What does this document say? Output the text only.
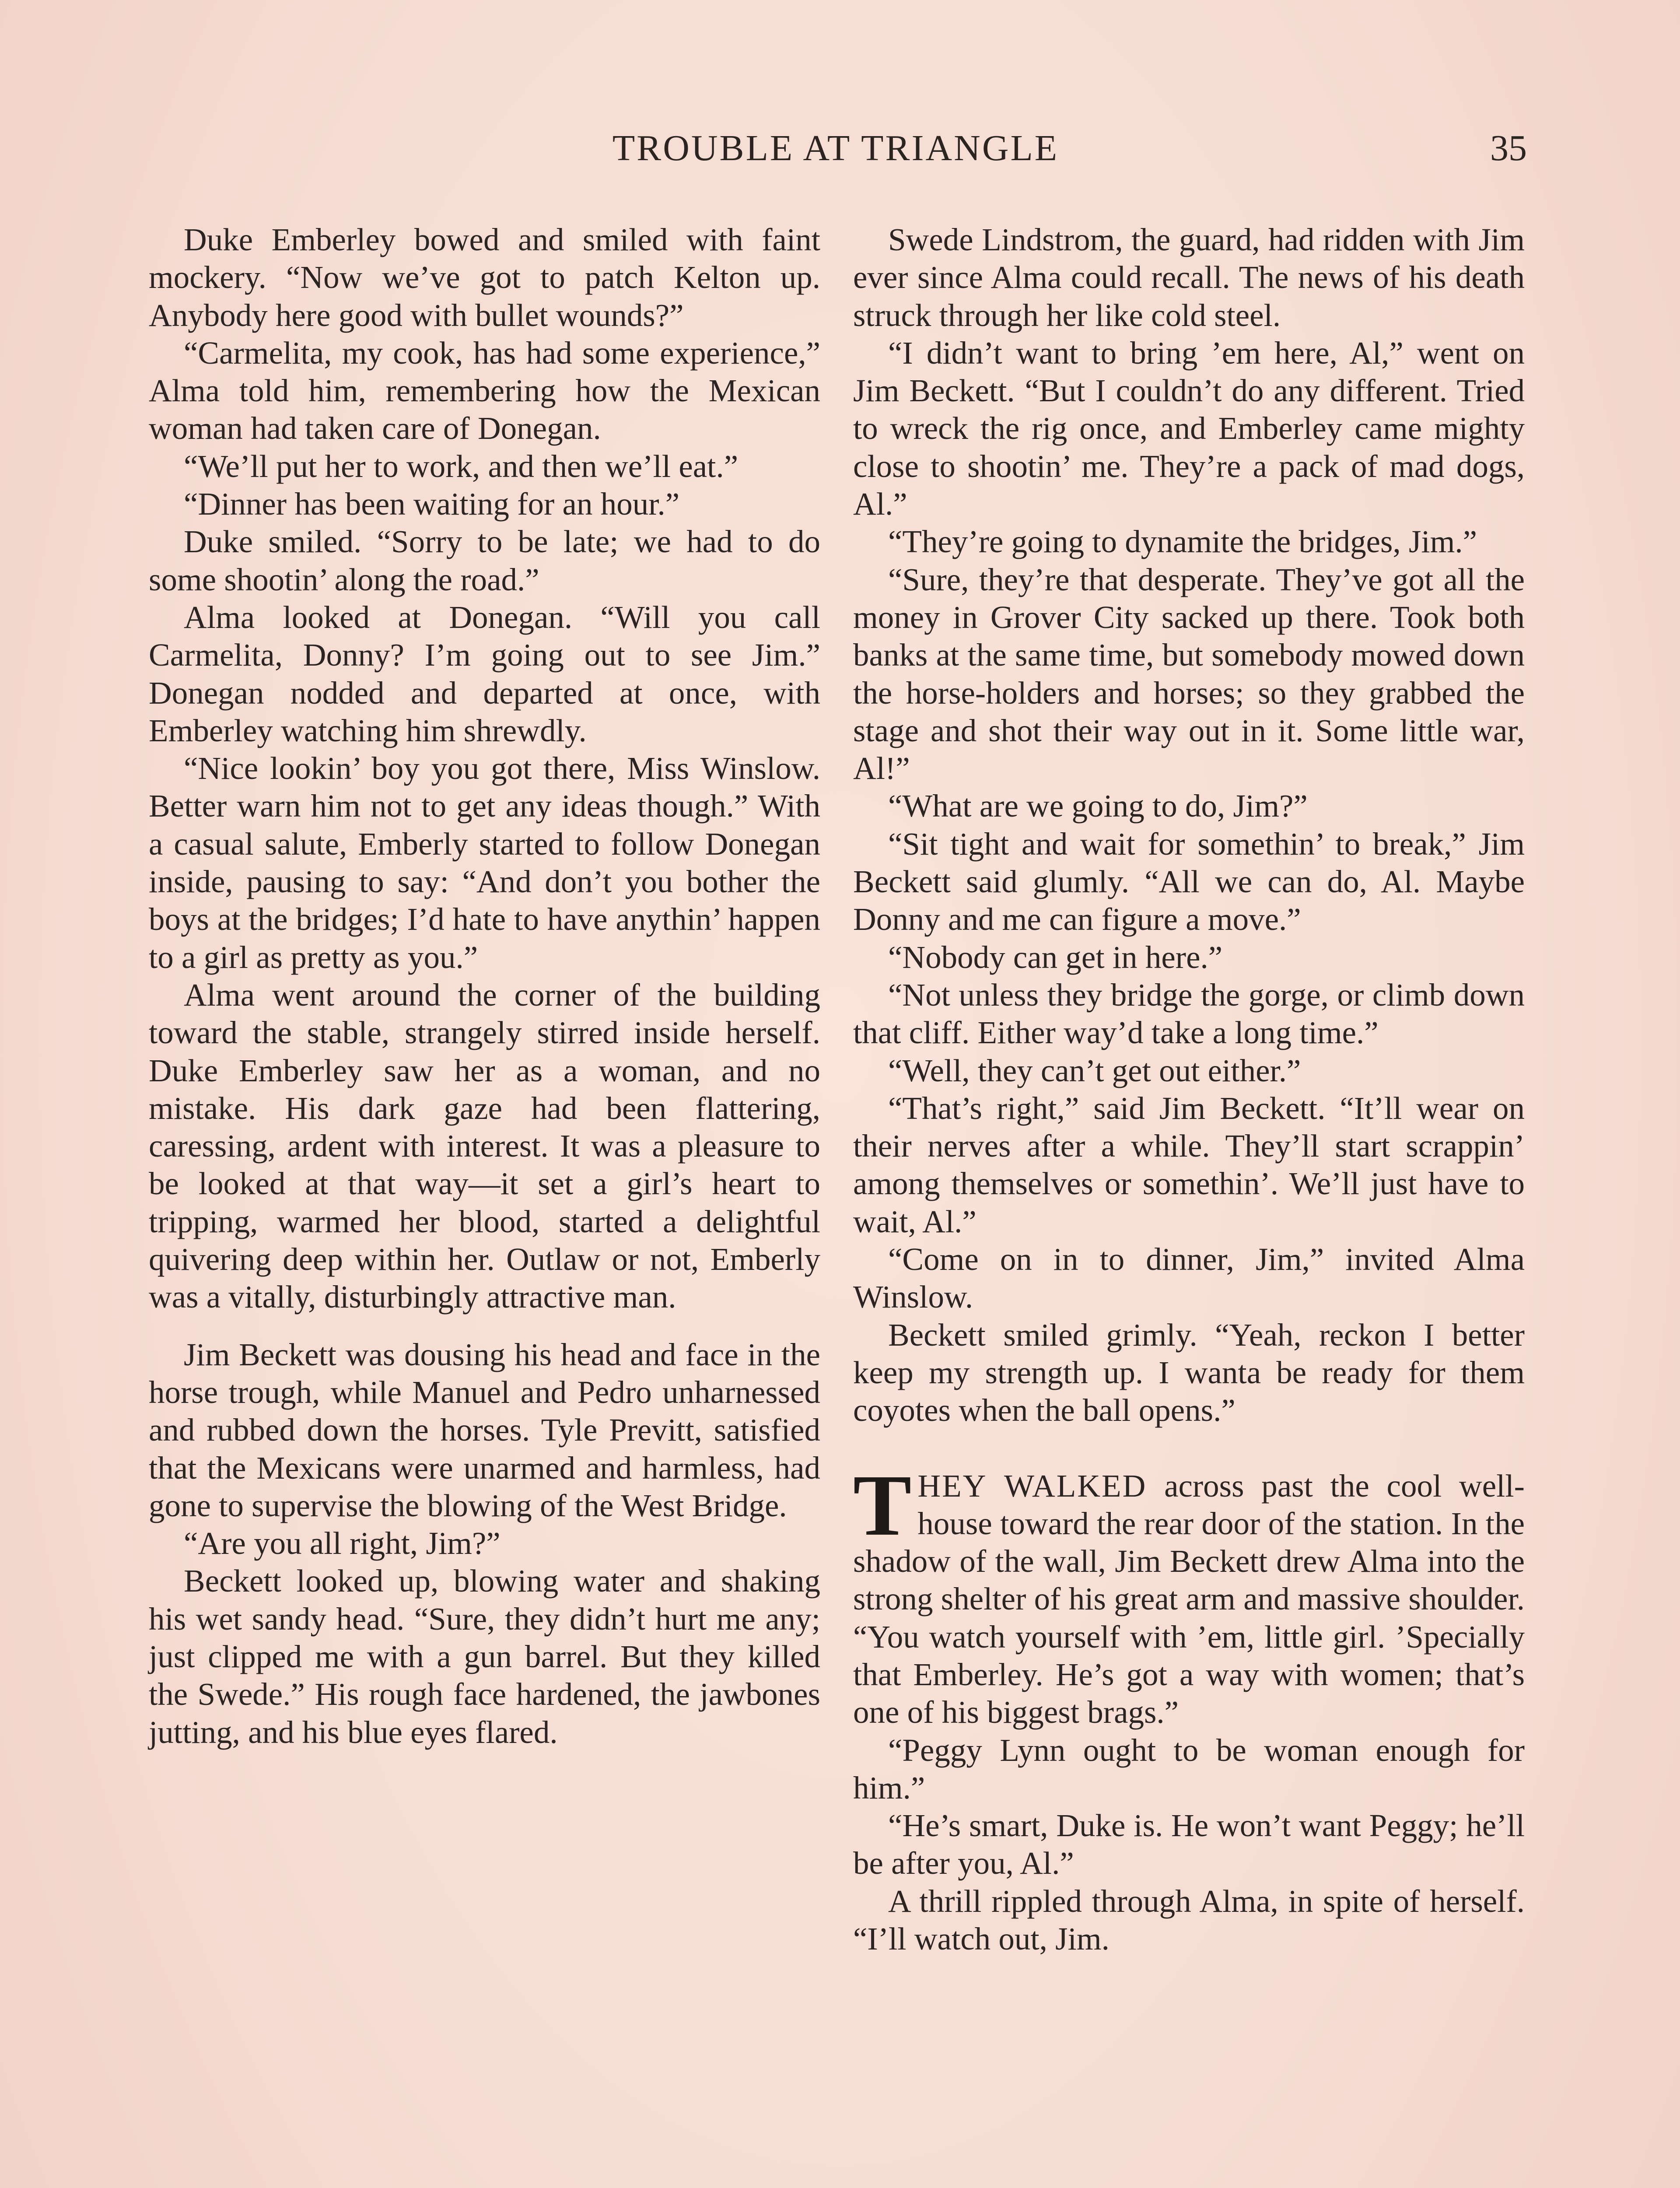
TROUBLE AT TRIANGLE	35

Duke Emberley bowed and smiled with faint mockery. “Now we’ve got to patch Kelton up. Anybody here good with bullet wounds?”

“Carmelita, my cook, has had some experience,” Alma told him, remembering how the Mexican woman had taken care of Donegan.

“We’ll put her to work, and then we’ll eat.”

“Dinner has been waiting for an hour.”

Duke smiled. “Sorry to be late; we had to do some shootin’ along the road.”

Alma looked at Donegan. “Will you call Carmelita, Donny? I’m going out to see Jim.” Donegan nodded and departed at once, with Emberley watching him shrewdly.

“Nice lookin’ boy you got there, Miss Winslow. Better warn him not to get any ideas though.” With a casual salute, Emberly started to follow Donegan inside, pausing to say: “And don’t you bother the boys at the bridges; I’d hate to have anythin’ happen to a girl as pretty as you.”

Alma went around the corner of the building toward the stable, strangely stirred inside herself. Duke Emberley saw her as a woman, and no mistake. His dark gaze had been flattering, caressing, ardent with interest. It was a pleasure to be looked at that way—it set a girl’s heart to tripping, warmed her blood, started a delightful quivering deep within her. Outlaw or not, Emberly was a vitally, disturbingly attractive man.

Jim Beckett was dousing his head and face in the horse trough, while Manuel and Pedro unharnessed and rubbed down the horses. Tyle Previtt, satisfied that the Mexicans were unarmed and harmless, had gone to supervise the blowing of the West Bridge.

“Are you all right, Jim?”

Beckett looked up, blowing water and shaking his wet sandy head. “Sure, they didn’t hurt me any; just clipped me with a gun barrel. But they killed the Swede.” His rough face hardened, the jawbones jutting, and his blue eyes flared.

Swede Lindstrom, the guard, had ridden with Jim ever since Alma could recall. The news of his death struck through her like cold steel.

“I didn’t want to bring ’em here, Al,” went on Jim Beckett. “But I couldn’t do any different. Tried to wreck the rig once, and Emberley came mighty close to shootin’ me. They’re a pack of mad dogs, Al.”

“They’re going to dynamite the bridges, Jim.”

“Sure, they’re that desperate. They’ve got all the money in Grover City sacked up there. Took both banks at the same time, but somebody mowed down the horse-holders and horses; so they grabbed the stage and shot their way out in it. Some little war, Al!”

“What are we going to do, Jim?”

“Sit tight and wait for somethin’ to break,” Jim Beckett said glumly. “All we can do, Al. Maybe Donny and me can figure a move.”

“Nobody can get in here.”

“Not unless they bridge the gorge, or climb down that cliff. Either way’d take a long time.”

“Well, they can’t get out either.”

“That’s right,” said Jim Beckett. “It’ll wear on their nerves after a while. They’ll start scrappin’ among themselves or somethin’. We’ll just have to wait, Al.”

“Come on in to dinner, Jim,” invited Alma Winslow.

Beckett smiled grimly. “Yeah, reckon I better keep my strength up. I wanta be ready for them coyotes when the ball opens.”

THEY WALKED across past the cool well-house toward the rear door of the station. In the shadow of the wall, Jim Beckett drew Alma into the strong shelter of his great arm and massive shoulder. “You watch yourself with ’em, little girl. ’Specially that Emberley. He’s got a way with women; that’s one of his biggest brags.”

“Peggy Lynn ought to be woman enough for him.”

“He’s smart, Duke is. He won’t want Peggy; he’ll be after you, Al.”

A thrill rippled through Alma, in spite of herself. “I’ll watch out, Jim.
